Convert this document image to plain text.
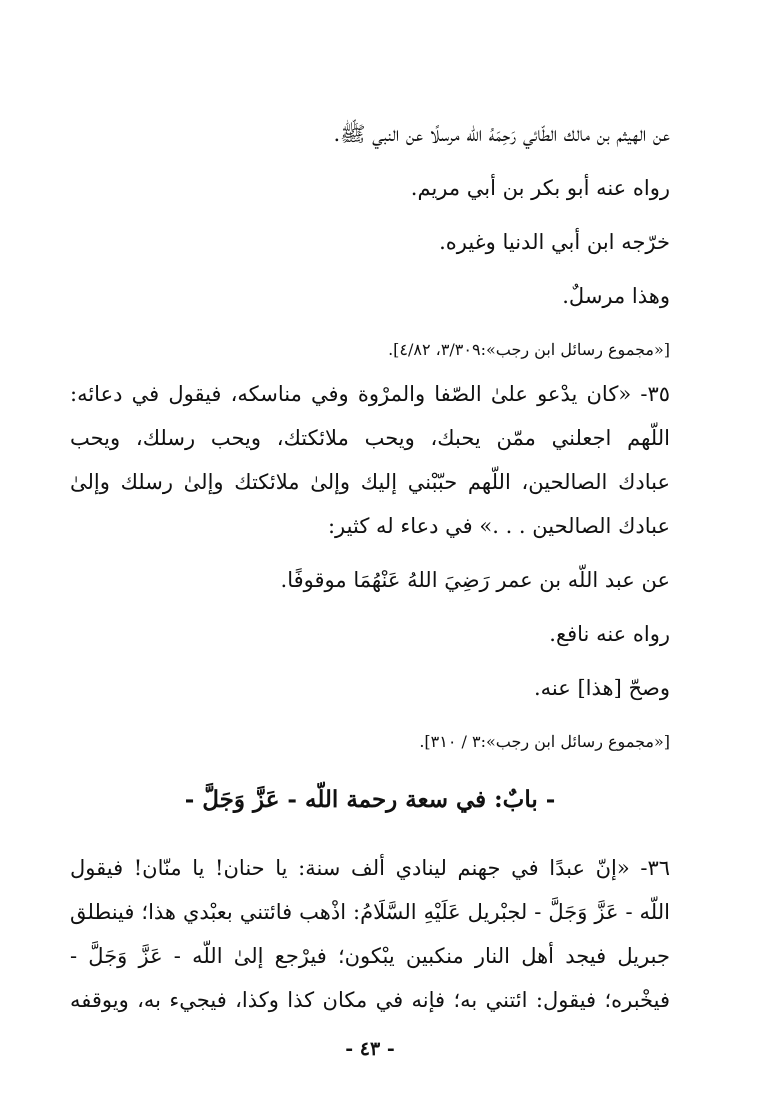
عن الهيثم بن مالك الطّائي رَحِمَهُ الله مرسلًا عن النبي ﷺ.
رواه عنه أبو بكر بن أبي مريم.
خرّجه ابن أبي الدنيا وغيره.
وهذا مرسلٌ.
[«مجموع رسائل ابن رجب»:٣/٣٠٩، ٤/٨٢].
٣٥- «كان يدْعو علىٰ الصّفا والمرْوة وفي مناسكه، فيقول في دعائه:
اللّهم اجعلني ممّن يحبك، ويحب ملائكتك، ويحب رسلك، ويحب
عبادك الصالحين، اللّهم حبّبْني إليك وإلىٰ ملائكتك وإلىٰ رسلك وإلىٰ
عبادك الصالحين . . .» في دعاء له كثير:
عن عبد اللّه بن عمر رَضِيَ اللهُ عَنْهُمَا موقوفًا.
رواه عنه نافع.
وصحّ [هذا] عنه.
[«مجموع رسائل ابن رجب»:٣ / ٣١٠].
- بابٌ: في سعة رحمة اللّه - عَزَّ وَجَلَّ -
٣٦- «إنّ عبدًا في جهنم لينادي ألف سنة: يا حنان! يا منّان! فيقول
اللّه - عَزَّ وَجَلَّ - لجبْريل عَلَيْهِ السَّلَامُ: اذْهب فائتني بعبْدي هذا؛ فينطلق
جبريل فيجد أهل النار منكبين يبْكون؛ فيرْجع إلىٰ اللّه - عَزَّ وَجَلَّ -
فيخْبره؛ فيقول: ائتني به؛ فإنه في مكان كذا وكذا، فيجيء به، ويوقفه
- ٤٣ -
